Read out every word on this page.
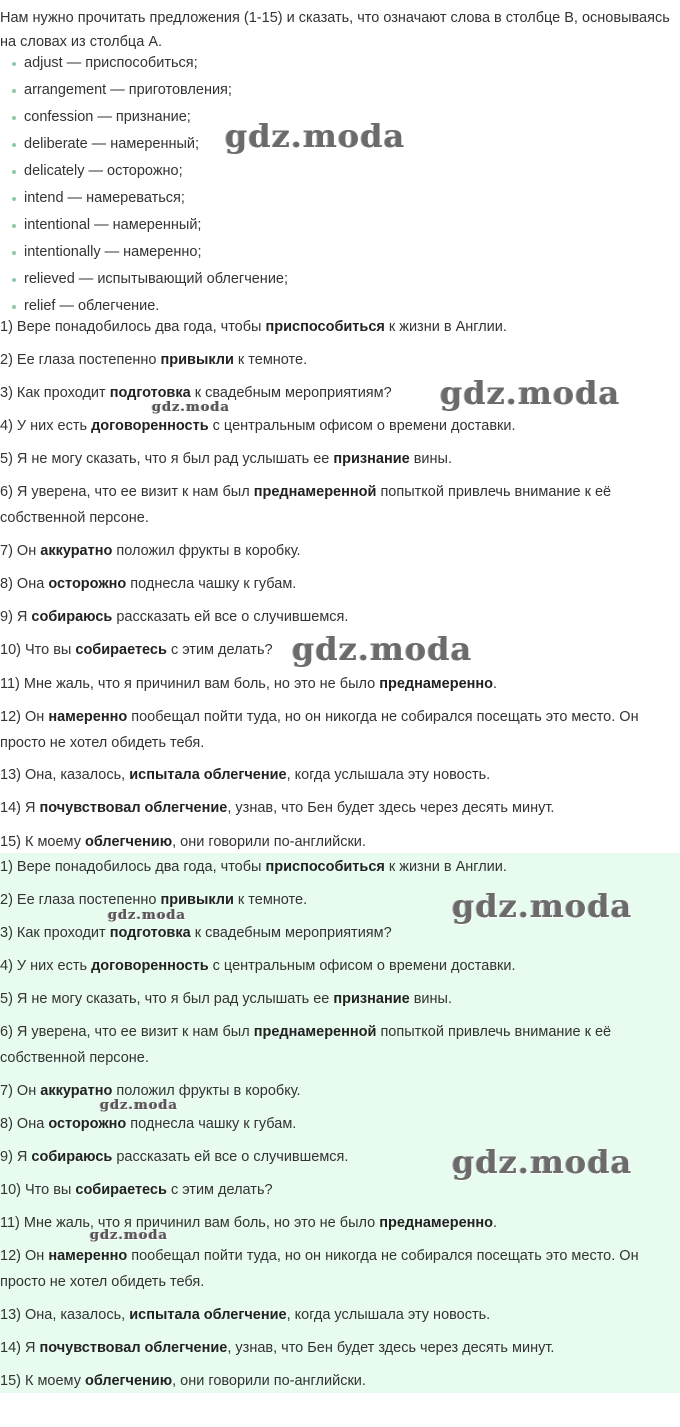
Нам нужно прочитать предложения (1-15) и сказать, что означают слова в столбце В, основываясь на словах из столбца А.
adjust — приспособиться;
arrangement — приготовления;
confession — признание;
deliberate — намеренный;
delicately — осторожно;
intend — намереваться;
intentional — намеренный;
intentionally — намеренно;
relieved — испытывающий облегчение;
relief — облегчение.
1) Вере понадобилось два года, чтобы приспособиться к жизни в Англии.
2) Ее глаза постепенно привыкли к темноте.
3) Как проходит подготовка к свадебным мероприятиям?
4) У них есть договоренность с центральным офисом о времени доставки.
5) Я не могу сказать, что я был рад услышать ее признание вины.
6) Я уверена, что ее визит к нам был преднамеренной попыткой привлечь внимание к её собственной персоне.
7) Он аккуратно положил фрукты в коробку.
8) Она осторожно поднесла чашку к губам.
9) Я собираюсь рассказать ей все о случившемся.
10) Что вы собираетесь с этим делать?
11) Мне жаль, что я причинил вам боль, но это не было преднамеренно.
12) Он намеренно пообещал пойти туда, но он никогда не собирался посещать это место. Он просто не хотел обидеть тебя.
13) Она, казалось, испытала облегчение, когда услышала эту новость.
14) Я почувствовал облегчение, узнав, что Бен будет здесь через десять минут.
15) К моему облегчению, они говорили по-английски.
1) Вере понадобилось два года, чтобы приспособиться к жизни в Англии.
2) Ее глаза постепенно привыкли к темноте.
3) Как проходит подготовка к свадебным мероприятиям?
4) У них есть договоренность с центральным офисом о времени доставки.
5) Я не могу сказать, что я был рад услышать ее признание вины.
6) Я уверена, что ее визит к нам был преднамеренной попыткой привлечь внимание к её собственной персоне.
7) Он аккуратно положил фрукты в коробку.
8) Она осторожно поднесла чашку к губам.
9) Я собираюсь рассказать ей все о случившемся.
10) Что вы собираетесь с этим делать?
11) Мне жаль, что я причинил вам боль, но это не было преднамеренно.
12) Он намеренно пообещал пойти туда, но он никогда не собирался посещать это место. Он просто не хотел обидеть тебя.
13) Она, казалось, испытала облегчение, когда услышала эту новость.
14) Я почувствовал облегчение, узнав, что Бен будет здесь через десять минут.
15) К моему облегчению, они говорили по-английски.
gdz.moda
gdz.moda
gdz.moda
gdz.moda
gdz.moda
gdz.moda
gdz.moda
gdz.moda
gdz.moda
